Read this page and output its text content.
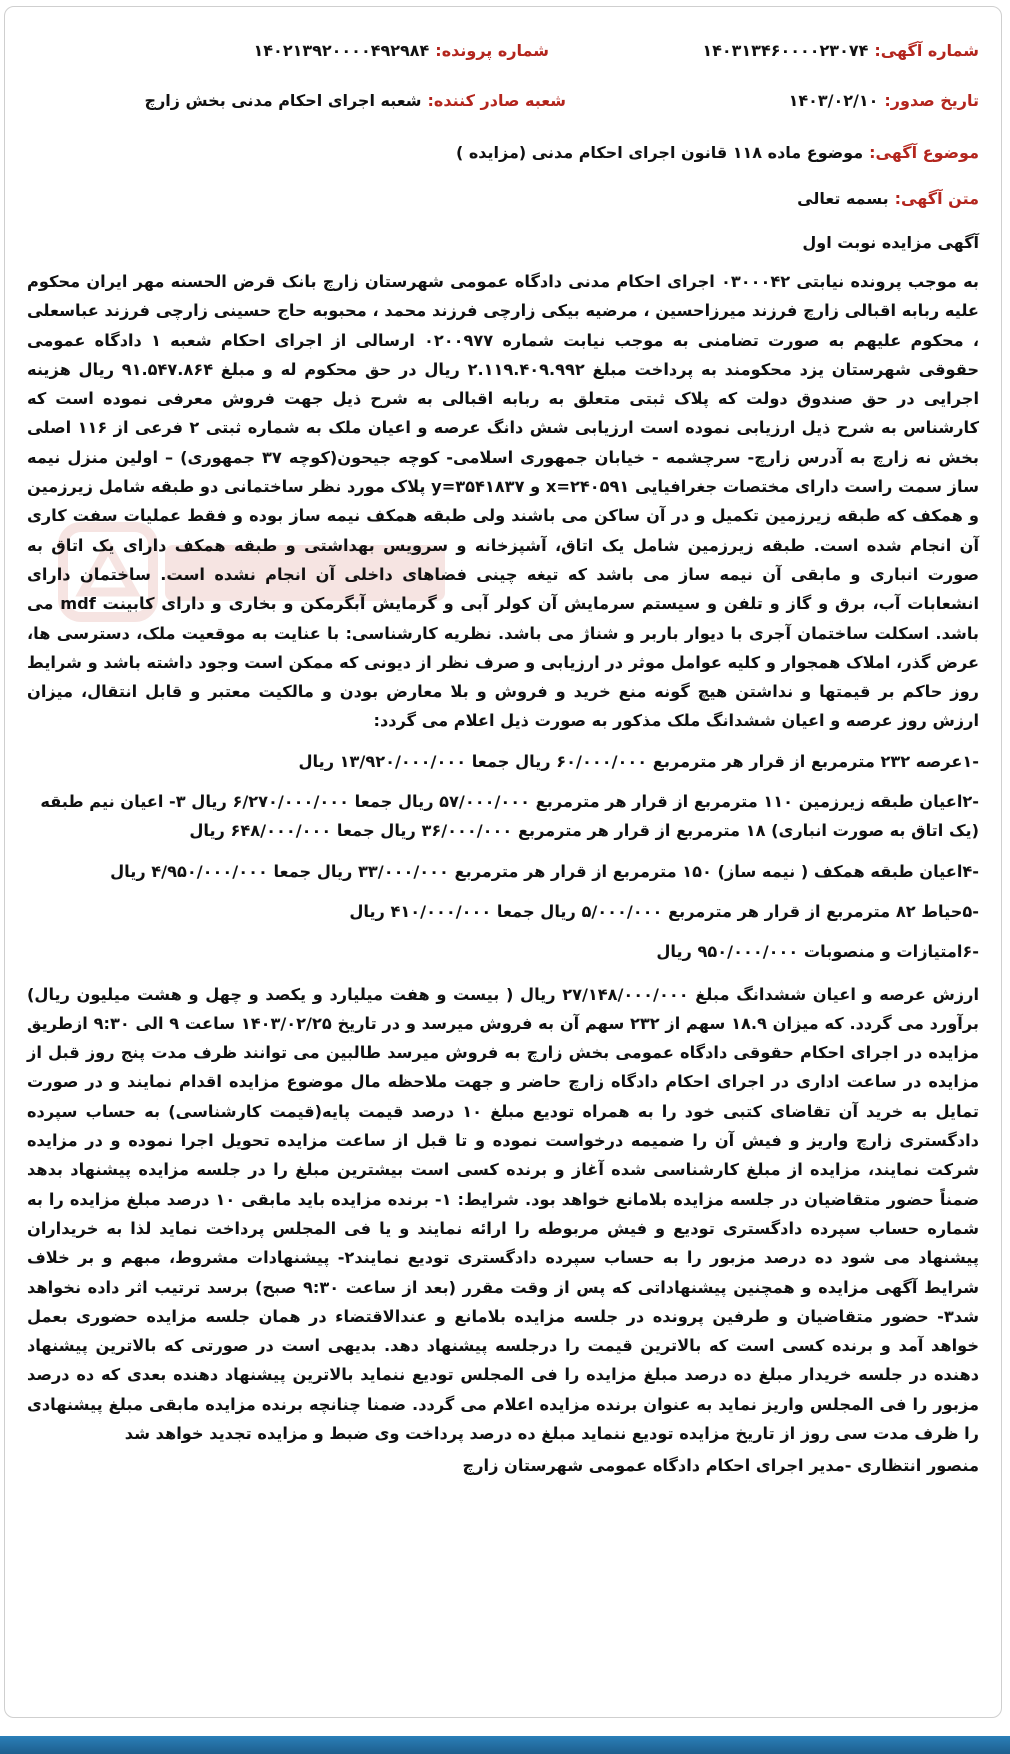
شماره آگهی:۱۴۰۳۱۳۴۶۰۰۰۰۲۳۰۷۴
شماره پرونده:۱۴۰۲۱۳۹۲۰۰۰۰۴۹۲۹۸۴
تاریخ صدور:۱۴۰۳/۰۲/۱۰
شعبه صادر کننده:شعبه اجرای احکام مدنی بخش زارچ

موضوع آگهی:موضوع ماده ۱۱۸ قانون اجرای احکام مدنی (مزایده )

متن آگهی:بسمه تعالی

آگهی مزایده نوبت اول

به موجب پرونده نیابتی ۰۳۰۰۰۴۲ اجرای احکام مدنی دادگاه عمومی شهرستان زارچ بانک قرض الحسنه مهر ایران محکوم علیه ربابه اقبالی زارچ فرزند میرزاحسین ، مرضیه بیکی زارچی فرزند محمد ، محبوبه حاج حسینی زارچی فرزند عباسعلی ، محکوم علیهم به صورت تضامنی به موجب نیابت شماره ۰۲۰۰۹۷۷ ارسالی از اجرای احکام شعبه ۱ دادگاه عمومی حقوقی شهرستان یزد محکومند به پرداخت مبلغ ۲.۱۱۹.۴۰۹.۹۹۲ ریال در حق محکوم له و مبلغ ۹۱.۵۴۷.۸۶۴ ریال هزینه اجرایی در حق صندوق دولت که پلاک ثبتی متعلق به ربابه اقبالی به شرح ذیل جهت فروش معرفی نموده است که کارشناس به شرح ذیل ارزیابی نموده است ارزیابی شش دانگ عرصه و اعیان ملک به شماره ثبتی ۲ فرعی از ۱۱۶ اصلی بخش نه زارچ به آدرس زارچ- سرچشمه - خیابان جمهوری اسلامی- کوچه جیحون(کوچه ۳۷ جمهوری) – اولین منزل نیمه ساز سمت راست دارای مختصات جغرافیایی x=۲۴۰۵۹۱ و y=۳۵۴۱۸۳۷ پلاک مورد نظر ساختمانی دو طبقه شامل زیرزمین و همکف که طبقه زیرزمین تکمیل و در آن ساکن می باشند ولی طبقه همکف نیمه ساز بوده و فقط عملیات سفت کاری آن انجام شده است. طبقه زیرزمین شامل یک اتاق، آشپزخانه و سرویس بهداشتی و طبقه همکف دارای یک اتاق به صورت انباری و مابقی آن نیمه ساز می باشد که تیغه چینی فضاهای داخلی آن انجام نشده است. ساختمان دارای انشعابات آب، برق و گاز و تلفن و سیستم سرمایش آن کولر آبی و گرمایش آبگرمکن و بخاری و دارای کابینت mdf می باشد. اسکلت ساختمان آجری با دیوار باربر و شناژ می باشد. نظریه کارشناسی: با عنایت به موقعیت ملک، دسترسی ها، عرض گذر، املاک همجوار و کلیه عوامل موثر در ارزیابی و صرف نظر از دیونی که ممکن است وجود داشته باشد و شرایط روز حاکم بر قیمتها و نداشتن هیچ گونه منع خرید و فروش و بلا معارض بودن و مالکیت معتبر و قابل انتقال، میزان ارزش روز عرصه و اعیان ششدانگ ملک مذکور به صورت ذیل اعلام می گردد:

-۱عرصه ۲۳۲ مترمربع از قرار هر مترمربع ۶۰/۰۰۰/۰۰۰ ریال جمعا ۱۳/۹۲۰/۰۰۰/۰۰۰ ریال

-۲اعیان طبقه زیرزمین ۱۱۰ مترمربع از قرار هر مترمربع ۵۷/۰۰۰/۰۰۰ ریال جمعا ۶/۲۷۰/۰۰۰/۰۰۰ ریال ۳- اعیان نیم طبقه (یک اتاق به صورت انباری) ۱۸ مترمربع از قرار هر مترمربع ۳۶/۰۰۰/۰۰۰ ریال جمعا ۶۴۸/۰۰۰/۰۰۰ ریال

-۴اعیان طبقه همکف ( نیمه ساز) ۱۵۰ مترمربع از قرار هر مترمربع ۳۳/۰۰۰/۰۰۰ ریال جمعا ۴/۹۵۰/۰۰۰/۰۰۰ ریال

-۵حیاط ۸۲ مترمربع از قرار هر مترمربع ۵/۰۰۰/۰۰۰ ریال جمعا ۴۱۰/۰۰۰/۰۰۰ ریال

-۶امتیازات و منصوبات ۹۵۰/۰۰۰/۰۰۰ ریال

ارزش عرصه و اعیان ششدانگ مبلغ ۲۷/۱۴۸/۰۰۰/۰۰۰ ریال ( بیست و هفت میلیارد و یکصد و چهل و هشت میلیون ریال) برآورد می گردد. که میزان ۱۸.۹ سهم از ۲۳۲ سهم آن به فروش میرسد و در تاریخ ۱۴۰۳/۰۲/۲۵ ساعت ۹ الی ۹:۳۰ ازطریق مزایده در اجرای احکام حقوقی دادگاه عمومی بخش زارچ به فروش میرسد طالبین می توانند ظرف مدت پنج روز قبل از مزایده در ساعت اداری در اجرای احکام دادگاه زارچ حاضر و جهت ملاحظه مال موضوع مزایده اقدام نمایند و در صورت تمایل به خرید آن تقاضای کتبی خود را به همراه تودیع مبلغ ۱۰ درصد قیمت پایه(قیمت کارشناسی) به حساب سپرده دادگستری زارچ واریز و فیش آن را ضمیمه درخواست نموده و تا قبل از ساعت مزایده تحویل اجرا نموده و در مزایده شرکت نمایند، مزایده از مبلغ کارشناسی شده آغاز و برنده کسی است بیشترین مبلغ را در جلسه مزایده پیشنهاد بدهد ضمناً حضور متقاضیان در جلسه مزایده بلامانع خواهد بود. شرایط: ۱- برنده مزایده باید مابقی ۱۰ درصد مبلغ مزایده را به شماره حساب سپرده دادگستری تودیع و فیش مربوطه را ارائه نمایند و یا فی المجلس پرداخت نماید لذا به خریداران پیشنهاد می شود ده درصد مزبور را به حساب سپرده دادگستری تودیع نمایند۲- پیشنهادات مشروط، مبهم و بر خلاف شرایط آگهی مزایده و همچنین پیشنهاداتی که پس از وقت مقرر (بعد از ساعت ۹:۳۰ صبح) برسد ترتیب اثر داده نخواهد شد۳- حضور متقاضیان و طرفین پرونده در جلسه مزایده بلامانع و عندالاقتضاء در همان جلسه مزایده حضوری بعمل خواهد آمد و برنده کسی است که بالاترین قیمت را درجلسه پیشنهاد دهد. بدیهی است در صورتی که بالاترین پیشنهاد دهنده در جلسه خریدار مبلغ ده درصد مبلغ مزایده را فی المجلس تودیع ننماید بالاترین پیشنهاد دهنده بعدی که ده درصد مزبور را فی المجلس واریز نماید به عنوان برنده مزایده اعلام می گردد. ضمنا چنانچه برنده مزایده مابقی مبلغ پیشنهادی را ظرف مدت سی روز از تاریخ مزایده تودیع ننماید مبلغ ده درصد پرداخت وی ضبط و مزایده تجدید خواهد شد

منصور انتظاری -مدیر اجرای احکام دادگاه عمومی شهرستان زارچ
